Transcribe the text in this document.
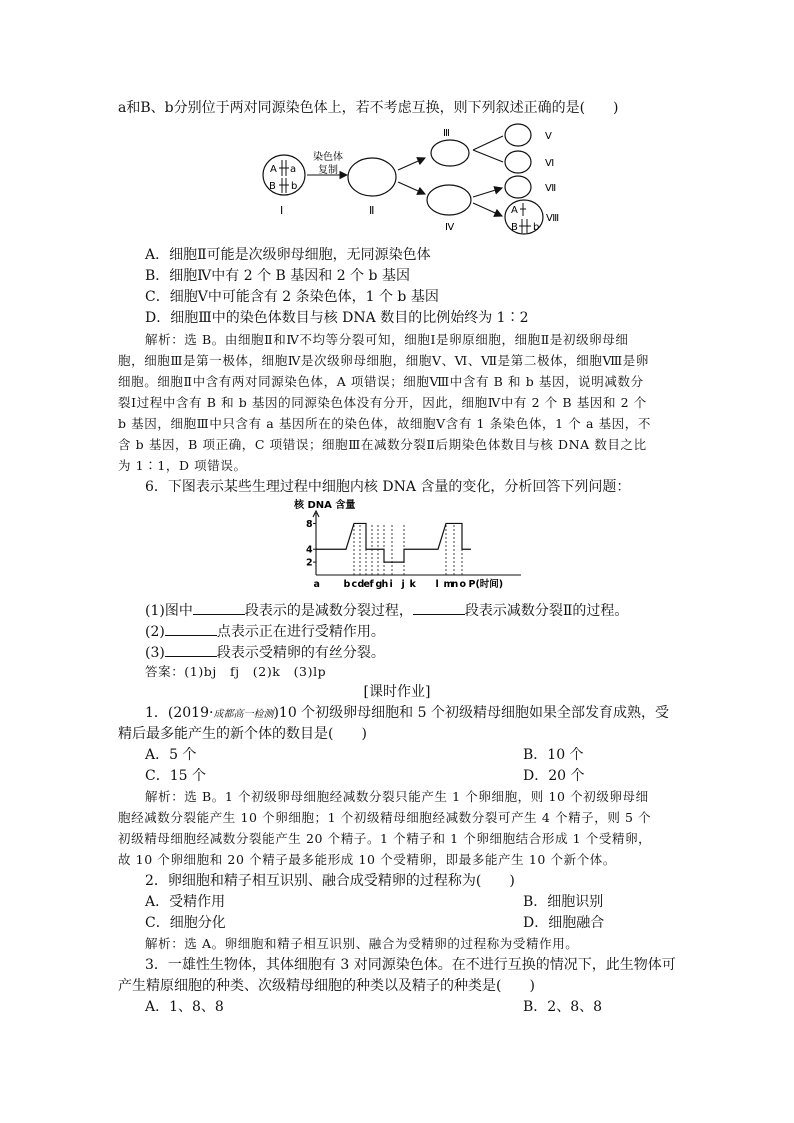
a和B、b分别位于两对同源染色体上，若不考虑互换，则下列叙述正确的是(　　)
A a
B b
Ⅰ
染色体
复制
Ⅱ
Ⅲ
Ⅳ
Ⅴ
Ⅵ
Ⅶ
A
B b
Ⅷ
A．细胞Ⅱ可能是次级卵母细胞，无同源染色体
B．细胞Ⅳ中有 2 个 B 基因和 2 个 b 基因
C．细胞Ⅴ中可能含有 2 条染色体，1 个 b 基因
D．细胞Ⅲ中的染色体数目与核 DNA 数目的比例始终为 1∶2
解析：选 B。由细胞Ⅱ和Ⅳ不均等分裂可知，细胞Ⅰ是卵原细胞，细胞Ⅱ是初级卵母细
胞，细胞Ⅲ是第一极体，细胞Ⅳ是次级卵母细胞，细胞Ⅴ、Ⅵ、Ⅶ是第二极体，细胞Ⅷ是卵
细胞。细胞Ⅱ中含有两对同源染色体，A 项错误；细胞Ⅷ中含有 B 和 b 基因，说明减数分
裂Ⅰ过程中含有 B 和 b 基因的同源染色体没有分开，因此，细胞Ⅳ中有 2 个 B 基因和 2 个
b 基因，细胞Ⅲ中只含有 a 基因所在的染色体，故细胞Ⅴ含有 1 条染色体，1 个 a 基因，不
含 b 基因，B 项正确，C 项错误；细胞Ⅲ在减数分裂Ⅱ后期染色体数目与核 DNA 数目之比
为 1∶1，D 项错误。
6．下图表示某些生理过程中细胞内核 DNA 含量的变化，分析回答下列问题：
核 DNA 含量
2
4
8
a b c d e f g h i j k l m
n o P(时间)
(1)图中	段表示的是减数分裂过程，	段表示减数分裂Ⅱ的过程。
(2)	点表示正在进行受精作用。
(3)	段表示受精卵的有丝分裂。
答案：(1)bj　fj　(2)k　(3)lp
[课时作业]
1．(2019·成都高一检测)10 个初级卵母细胞和 5 个初级精母细胞如果全部发育成熟，受
精后最多能产生的新个体的数目是(　　)
A．5 个	B．10 个
C．15 个	D．20 个
解析：选 B。1 个初级卵母细胞经减数分裂只能产生 1 个卵细胞，则 10 个初级卵母细
胞经减数分裂能产生 10 个卵细胞；1 个初级精母细胞经减数分裂可产生 4 个精子，则 5 个
初级精母细胞经减数分裂能产生 20 个精子。1 个精子和 1 个卵细胞结合形成 1 个受精卵，
故 10 个卵细胞和 20 个精子最多能形成 10 个受精卵，即最多能产生 10 个新个体。
2．卵细胞和精子相互识别、融合成受精卵的过程称为(　　)
A．受精作用	B．细胞识别
C．细胞分化	D．细胞融合
解析：选 A。卵细胞和精子相互识别、融合为受精卵的过程称为受精作用。
3．一雄性生物体，其体细胞有 3 对同源染色体。在不进行互换的情况下，此生物体可
产生精原细胞的种类、次级精母细胞的种类以及精子的种类是(　　)
A．1、8、8	B．2、8、8
